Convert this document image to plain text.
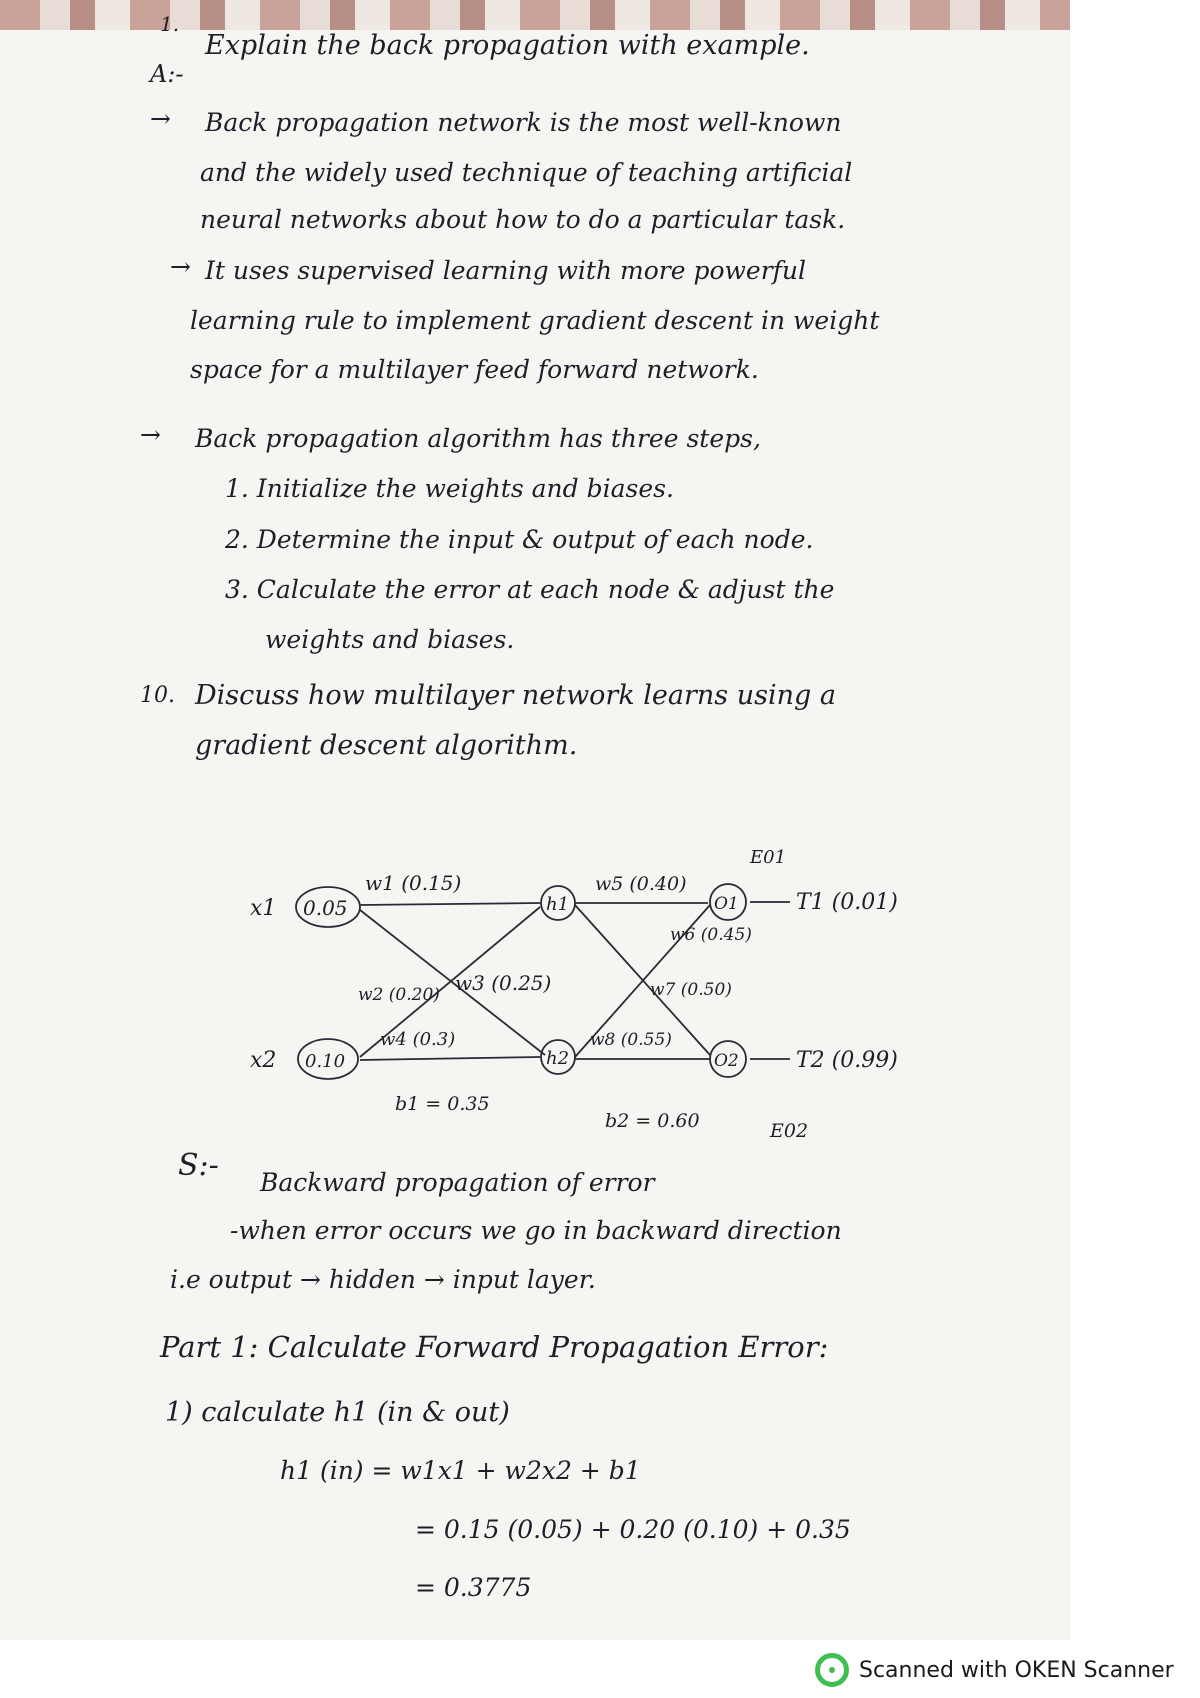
1.
Explain the back propagation with example.
A:-
→ Back propagation network is the most well-known
and the widely used technique of teaching artificial
neural networks about how to do a particular task.
→ It uses supervised learning with more powerful
learning rule to implement gradient descent in weight
space for a multilayer feed forward network.
→ Back propagation algorithm has three steps,
1. Initialize the weights and biases.
2. Determine the input & output of each node.
3. Calculate the error at each node & adjust the
weights and biases.
10. Discuss how multilayer network learns using a
gradient descent algorithm.
x1 0.05
x2 0.10
h1
h2
O1
O2
w1 (0.15)
w2 (0.20) w3 (0.25)
w4 (0.3)
w5 (0.40)
w6 (0.45)
w7 (0.50)
w8 (0.55)
b1 = 0.35
b2 = 0.60
T1 (0.01)
T2 (0.99)
E01
E02
S:- Backward propagation of error
-when error occurs we go in backward direction
i.e output → hidden → input layer.
Part 1: Calculate Forward Propagation Error:
1) calculate h1 (in & out)
h1 (in) = w1x1 + w2x2 + b1
= 0.15 (0.05) + 0.20 (0.10) + 0.35
= 0.3775
Scanned with OKEN Scanner
